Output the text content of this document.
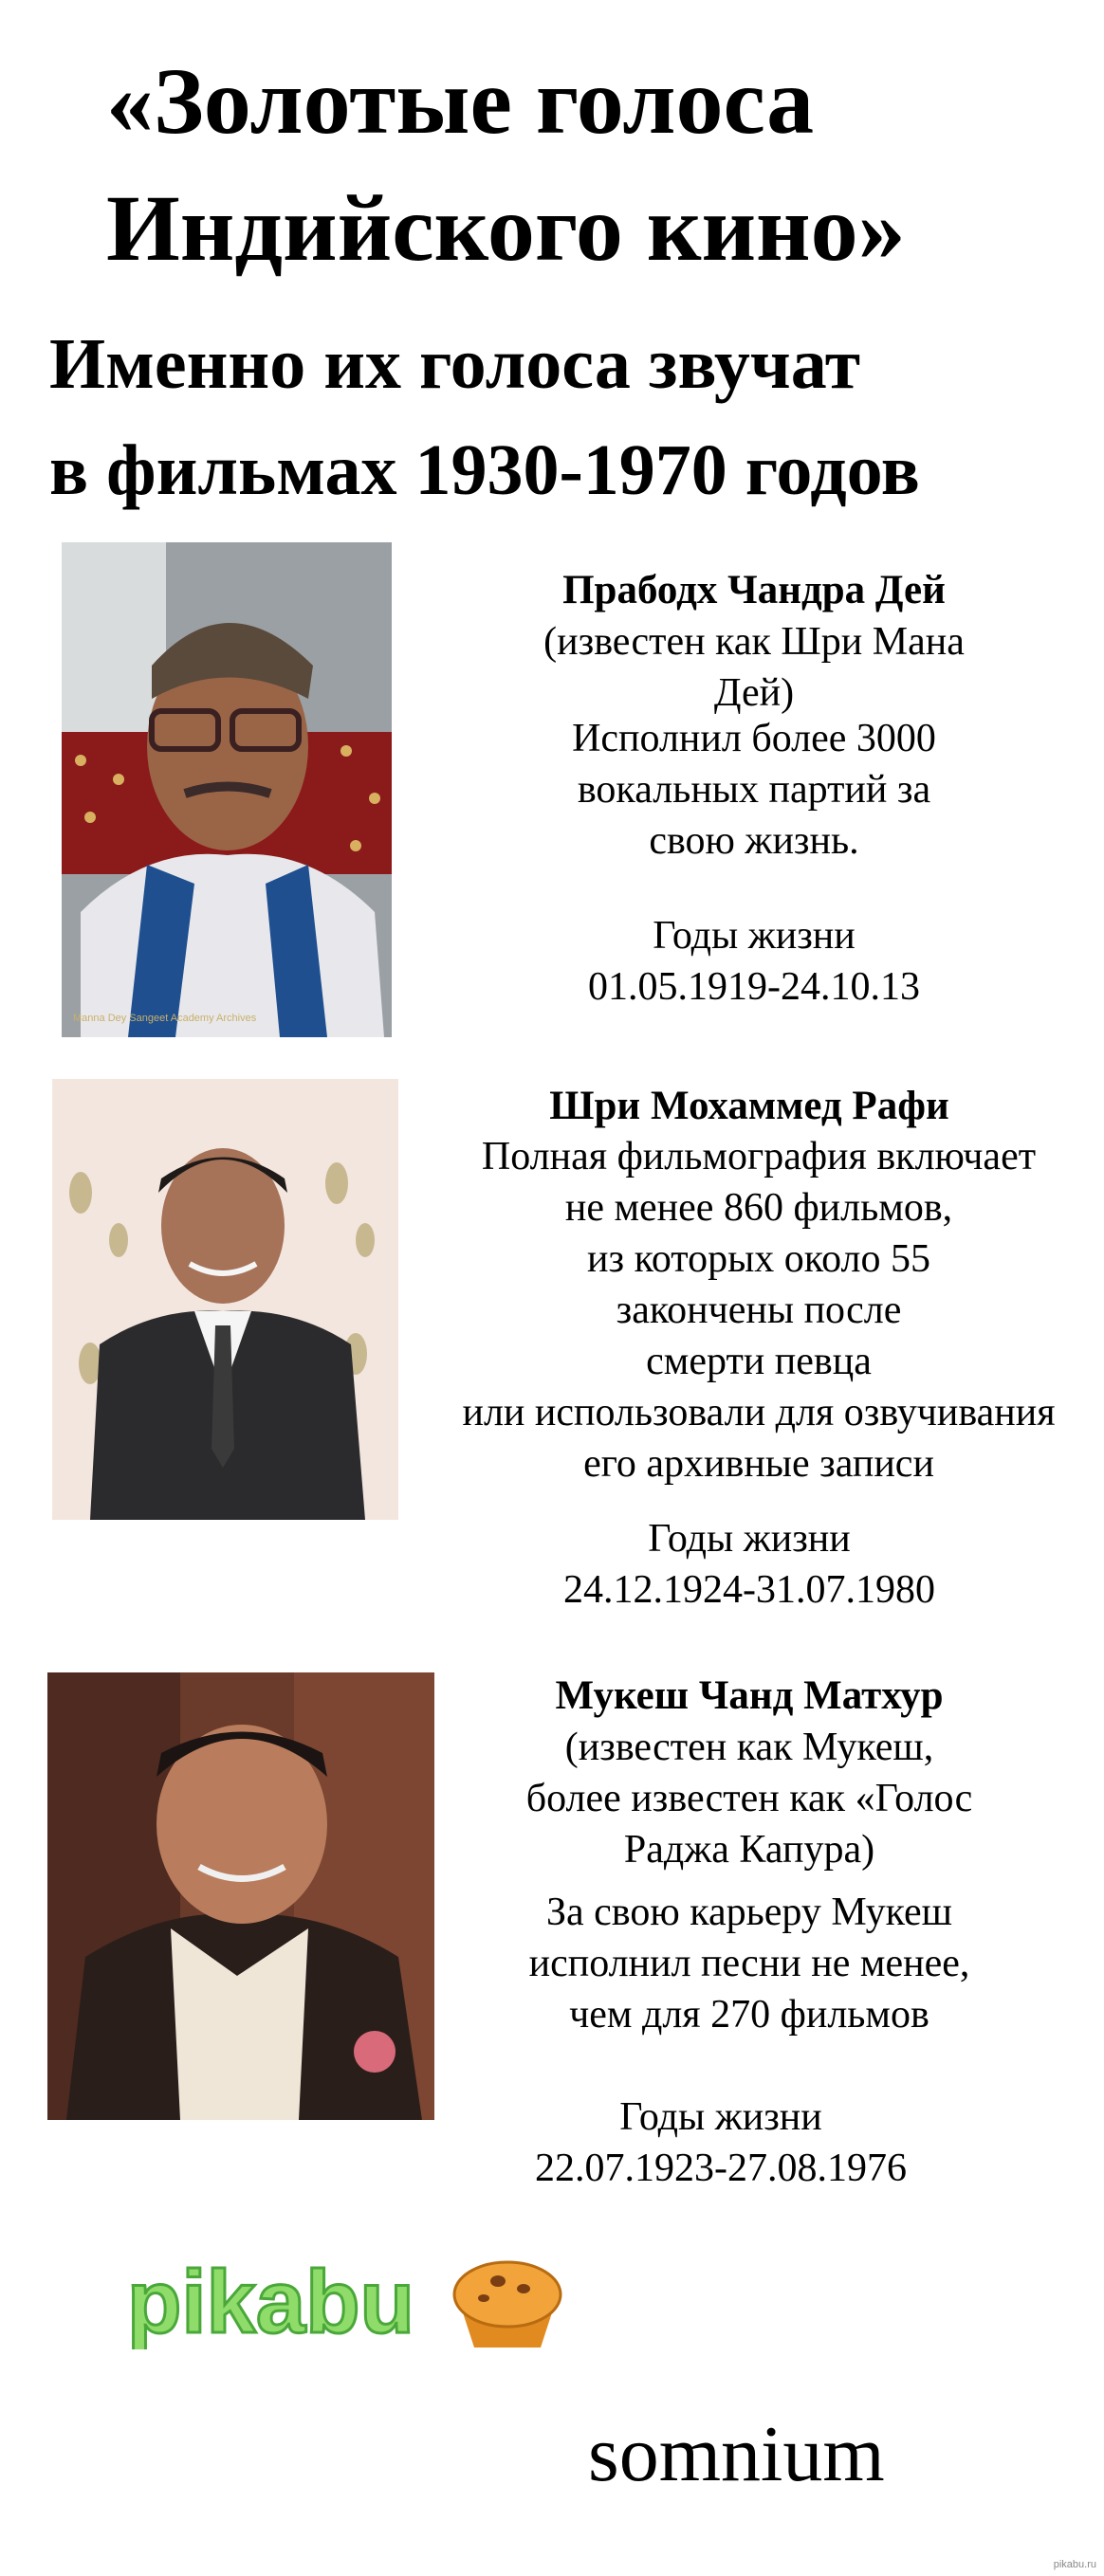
«Золотые голоса
Индийского кино»
Именно их голоса звучат
в фильмах 1930-1970 годов
Manna Dey Sangeet Academy Archives
Прабодх Чандра Дей
(известен как Шри Мана
Дей)
Исполнил более 3000
вокальных партий за
свою жизнь.
Годы жизни
01.05.1919-24.10.13
Шри Мохаммед Рафи
Полная фильмография включает
не менее 860 фильмов,
из которых около 55
закончены после
смерти певца
или использовали для озвучивания
его архивные записи
Годы жизни
24.12.1924-31.07.1980
Мукеш Чанд Матхур
(известен как Мукеш,
более известен как «Голос
Раджа Капура)
За свою карьеру Мукеш
исполнил песни не менее,
чем для 270 фильмов
Годы жизни
22.07.1923-27.08.1976
pikabu
somnium
pikabu.ru
